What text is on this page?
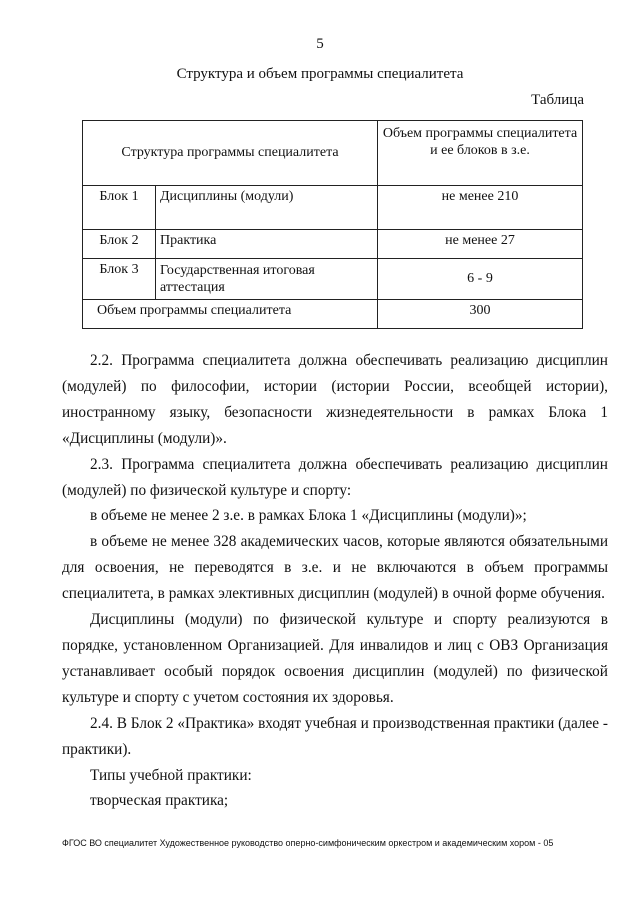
5
Структура и объем программы специалитета
Таблица
Структура программы специалитета		Объем программы специалитета и ее блоков в з.е.
Блок 1	Дисциплины (модули)	не менее 210
Блок 2	Практика	не менее 27
Блок 3	Государственная итоговая аттестация	6 - 9
Объем программы специалитета		300

2.2. Программа специалитета должна обеспечивать реализацию дисциплин (модулей) по философии, истории (истории России, всеобщей истории), иностранному языку, безопасности жизнедеятельности в рамках Блока 1 «Дисциплины (модули)».

2.3. Программа специалитета должна обеспечивать реализацию дисциплин (модулей) по физической культуре и спорту:

в объеме не менее 2 з.е. в рамках Блока 1 «Дисциплины (модули)»;

в объеме не менее 328 академических часов, которые являются обязательными для освоения, не переводятся в з.е. и не включаются в объем программы специалитета, в рамках элективных дисциплин (модулей) в очной форме обучения.

Дисциплины (модули) по физической культуре и спорту реализуются в порядке, установленном Организацией. Для инвалидов и лиц с ОВЗ Организация устанавливает особый порядок освоения дисциплин (модулей) по физической культуре и спорту с учетом состояния их здоровья.

2.4. В Блок 2 «Практика» входят учебная и производственная практики (далее - практики).

Типы учебной практики:

творческая практика;

ФГОС ВО специалитет Художественное руководство оперно-симфоническим оркестром и академическим хором - 05
